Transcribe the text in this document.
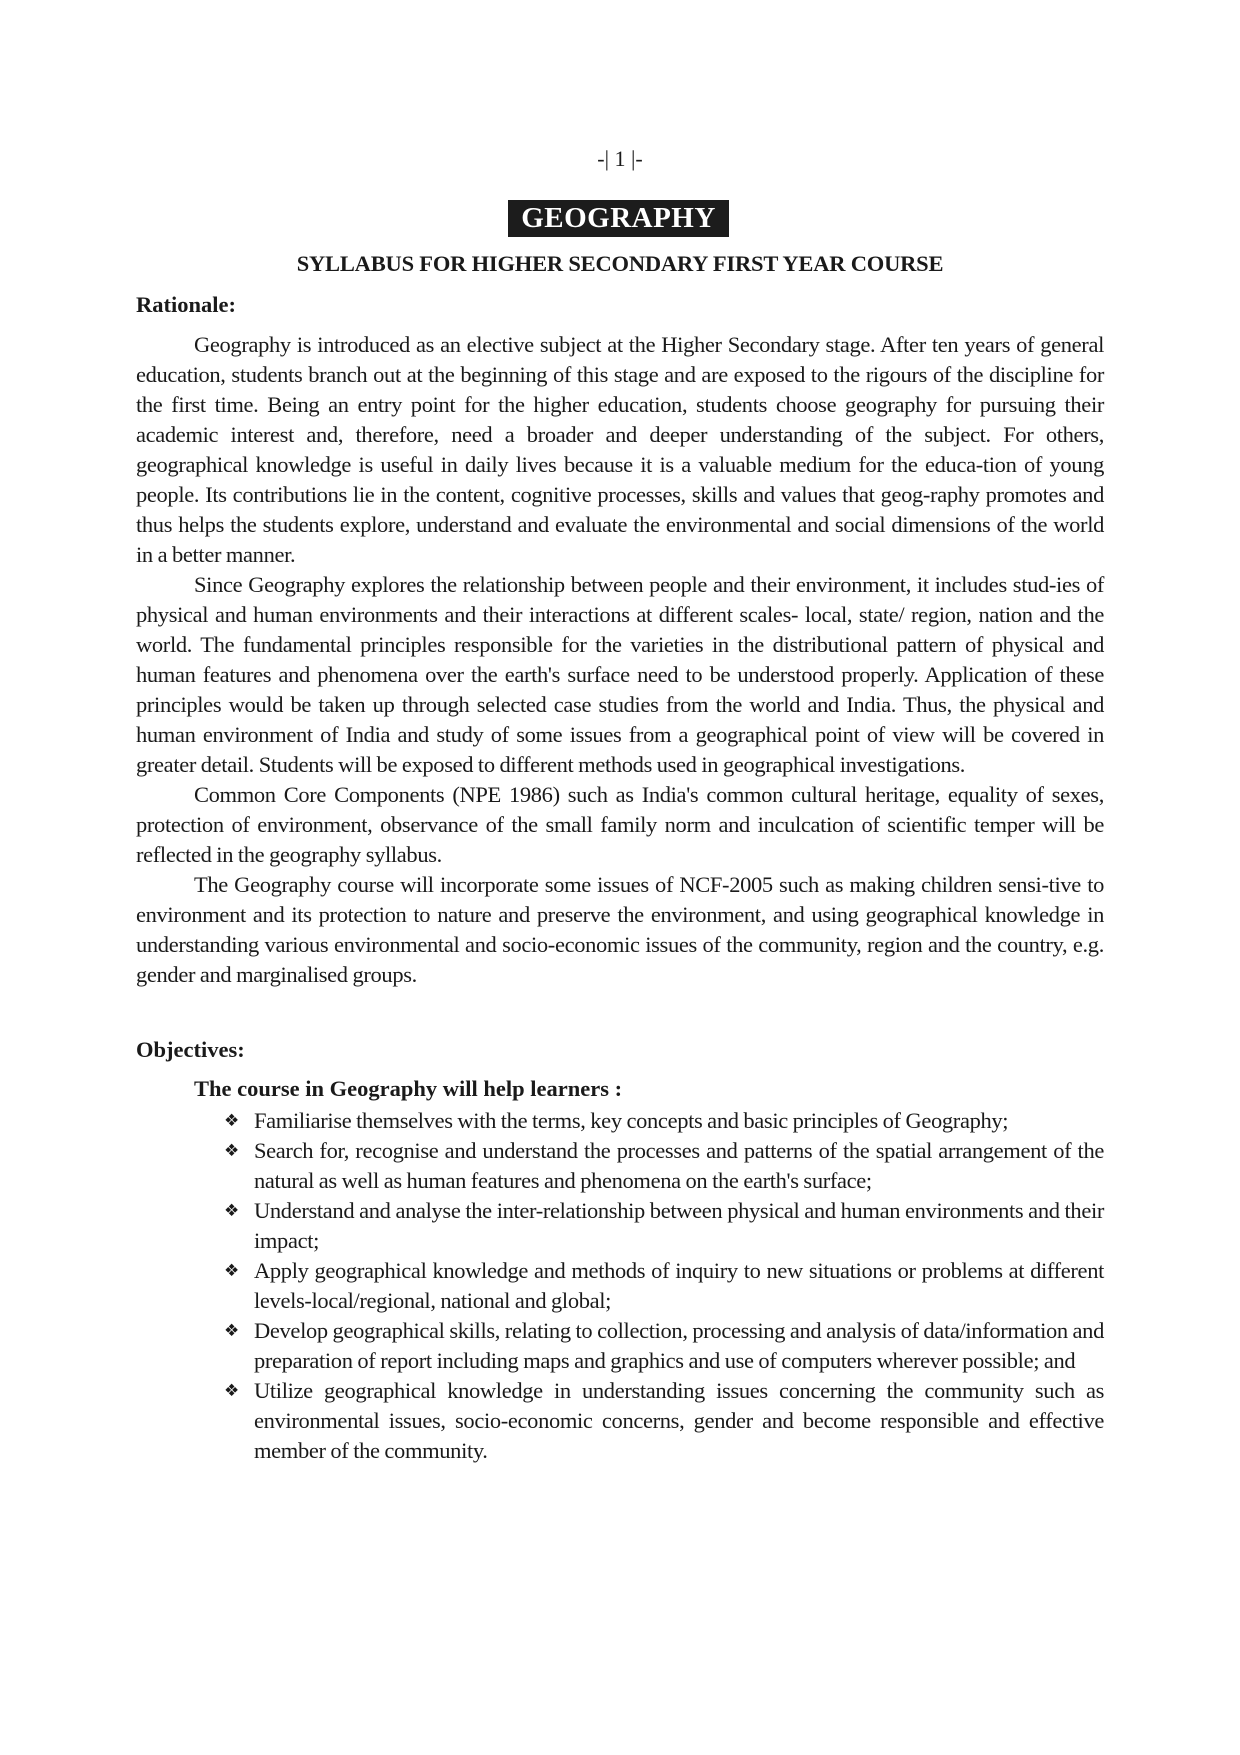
-| 1 |-
GEOGRAPHY
SYLLABUS FOR HIGHER SECONDARY FIRST YEAR COURSE
Rationale:

Geography is introduced as an elective subject at the Higher Secondary stage. After ten years of general education, students branch out at the beginning of this stage and are exposed to the rigours of the discipline for the first time. Being an entry point for the higher education, students choose geography for pursuing their academic interest and, therefore, need a broader and deeper understanding of the subject. For others, geographical knowledge is useful in daily lives because it is a valuable medium for the educa-tion of young people. Its contributions lie in the content, cognitive processes, skills and values that geog-raphy promotes and thus helps the students explore, understand and evaluate the environmental and social dimensions of the world in a better manner.

Since Geography explores the relationship between people and their environment, it includes stud-ies of physical and human environments and their interactions at different scales- local, state/ region, nation and the world. The fundamental principles responsible for the varieties in the distributional pattern of physical and human features and phenomena over the earth's surface need to be understood properly. Application of these principles would be taken up through selected case studies from the world and India. Thus, the physical and human environment of India and study of some issues from a geographical point of view will be covered in greater detail. Students will be exposed to different methods used in geographical investigations.

Common Core Components (NPE 1986) such as India's common cultural heritage, equality of sexes, protection of environment, observance of the small family norm and inculcation of scientific temper will be reflected in the geography syllabus.

The Geography course will incorporate some issues of NCF-2005 such as making children sensi-tive to environment and its protection to nature and preserve the environment, and using geographical knowledge in understanding various environmental and socio-economic issues of the community, region and the country, e.g. gender and marginalised groups.

Objectives:
The course in Geography will help learners :
❖ Familiarise themselves with the terms, key concepts and basic principles of Geography;
❖ Search for, recognise and understand the processes and patterns of the spatial arrangement of the natural as well as human features and phenomena on the earth's surface;
❖ Understand and analyse the inter-relationship between physical and human environments and their impact;
❖ Apply geographical knowledge and methods of inquiry to new situations or problems at different levels-local/regional, national and global;
❖ Develop geographical skills, relating to collection, processing and analysis of data/information and preparation of report including maps and graphics and use of computers wherever possible; and
❖ Utilize geographical knowledge in understanding issues concerning the community such as environmental issues, socio-economic concerns, gender and become responsible and effective member of the community.
